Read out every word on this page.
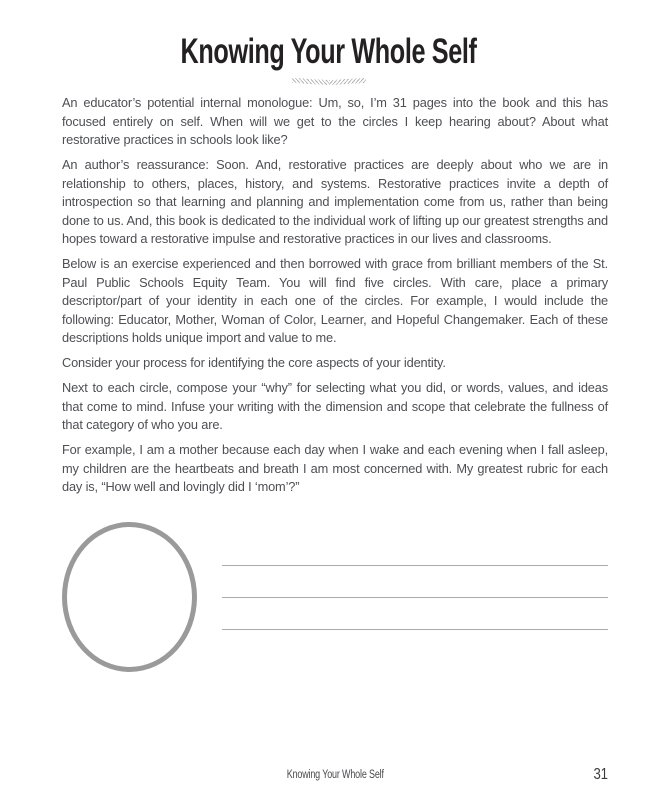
Knowing Your Whole Self

An educator’s potential internal monologue: Um, so, I’m 31 pages into the book and this has focused entirely on self. When will we get to the circles I keep hearing about? About what restorative practices in schools look like?

An author’s reassurance: Soon. And, restorative practices are deeply about who we are in relationship to others, places, history, and systems. Restorative practices invite a depth of introspection so that learning and planning and implementation come from us, rather than being done to us. And, this book is dedicated to the individual work of lifting up our greatest strengths and hopes toward a restorative impulse and restorative practices in our lives and classrooms.

Below is an exercise experienced and then borrowed with grace from brilliant members of the St. Paul Public Schools Equity Team. You will find five circles. With care, place a primary descriptor/part of your identity in each one of the circles. For example, I would include the following: Educator, Mother, Woman of Color, Learner, and Hopeful Changemaker. Each of these descriptions holds unique import and value to me.

Consider your process for identifying the core aspects of your identity.

Next to each circle, compose your “why” for selecting what you did, or words, values, and ideas that come to mind. Infuse your writing with the dimension and scope that celebrate the fullness of that category of who you are.

For example, I am a mother because each day when I wake and each evening when I fall asleep, my children are the heartbeats and breath I am most concerned with. My greatest rubric for each day is, “How well and lovingly did I ‘mom’?”

Knowing Your Whole Self	31
